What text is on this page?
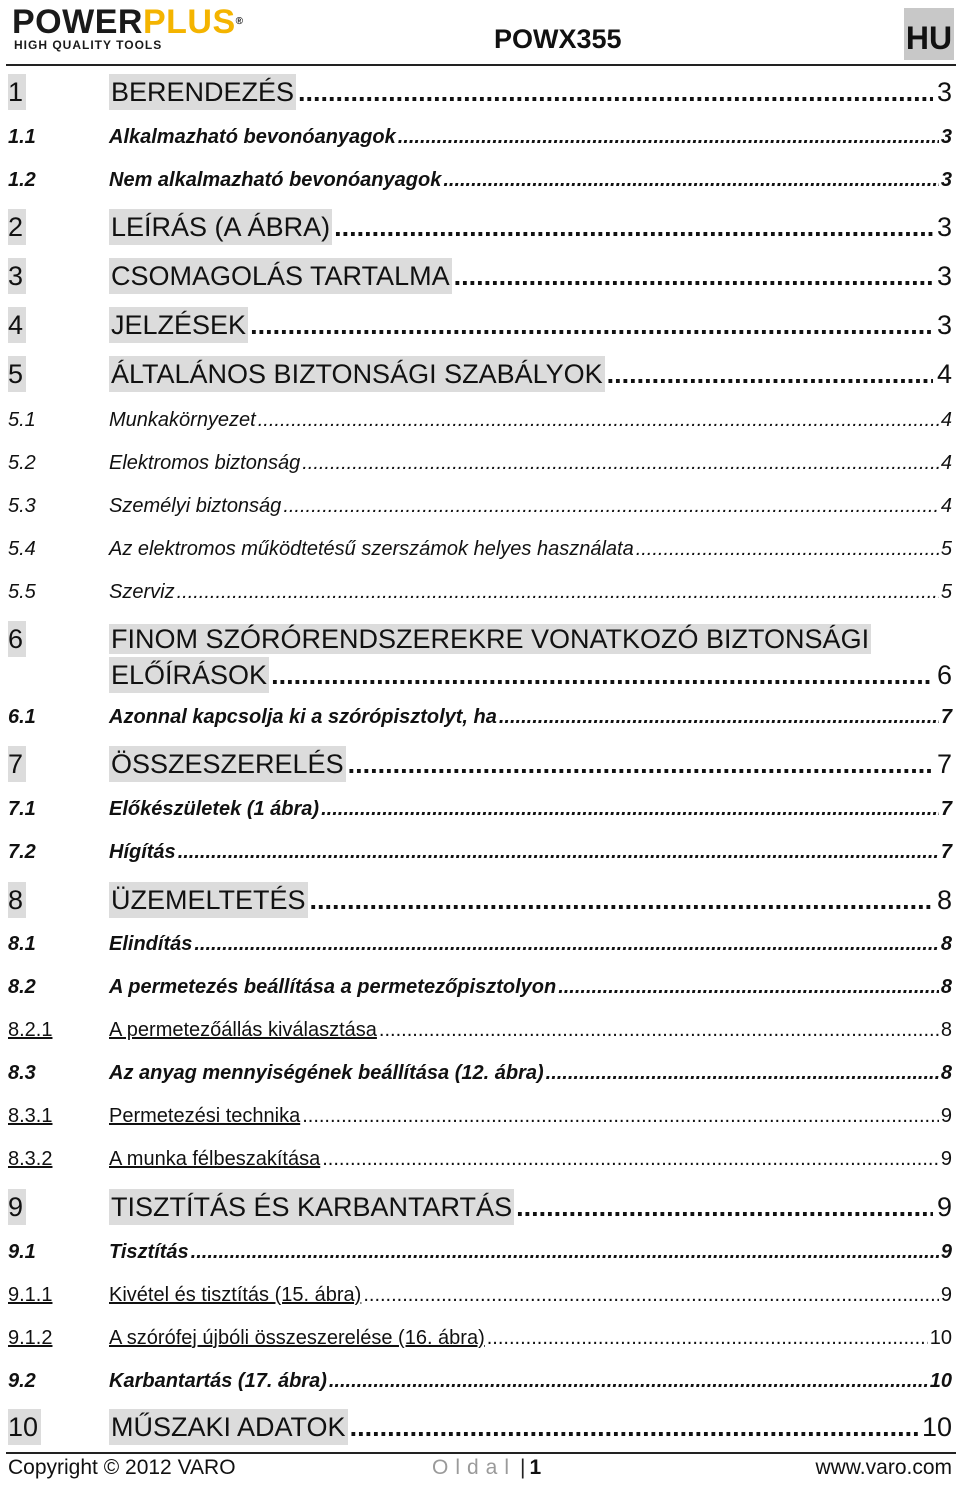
POWERPLUS®
HIGH QUALITY TOOLS	POWX355	HU
1	BERENDEZÉS .....	3
1.1	Alkalmazható bevonóanyagok .....	3
1.2	Nem alkalmazható bevonóanyagok .....	3
2	LEÍRÁS (A ÁBRA) .....	3
3	CSOMAGOLÁS TARTALMA .....	3
4	JELZÉSEK .....	3
5	ÁLTALÁNOS BIZTONSÁGI SZABÁLYOK .....	4
5.1	Munkakörnyezet .....	4
5.2	Elektromos biztonság .....	4
5.3	Személyi biztonság .....	4
5.4	Az elektromos működtetésű szerszámok helyes használata .....	5
5.5	Szerviz .....	5
6	FINOM SZÓRÓRENDSZEREKRE VONATKOZÓ BIZTONSÁGI
ELŐÍRÁSOK .....	6
6.1	Azonnal kapcsolja ki a szórópisztolyt, ha .....	7
7	ÖSSZESZERELÉS .....	7
7.1	Előkészületek (1 ábra) .....	7
7.2	Hígítás .....	7
8	ÜZEMELTETÉS .....	8
8.1	Elindítás .....	8
8.2	A permetezés beállítása a permetezőpisztolyon .....	8
8.2.1	A permetezőállás kiválasztása .....	8
8.3	Az anyag mennyiségének beállítása (12. ábra) .....	8
8.3.1	Permetezési technika .....	9
8.3.2	A munka félbeszakítása .....	9
9	TISZTÍTÁS ÉS KARBANTARTÁS .....	9
9.1	Tisztítás .....	9
9.1.1	Kivétel és tisztítás (15. ábra) .....	9
9.1.2	A szórófej újbóli összeszerelése (16. ábra) .....	10
9.2	Karbantartás (17. ábra) .....	10
10	MŰSZAKI ADATOK .....	10
Copyright © 2012 VARO	Oldal | 1	www.varo.com
